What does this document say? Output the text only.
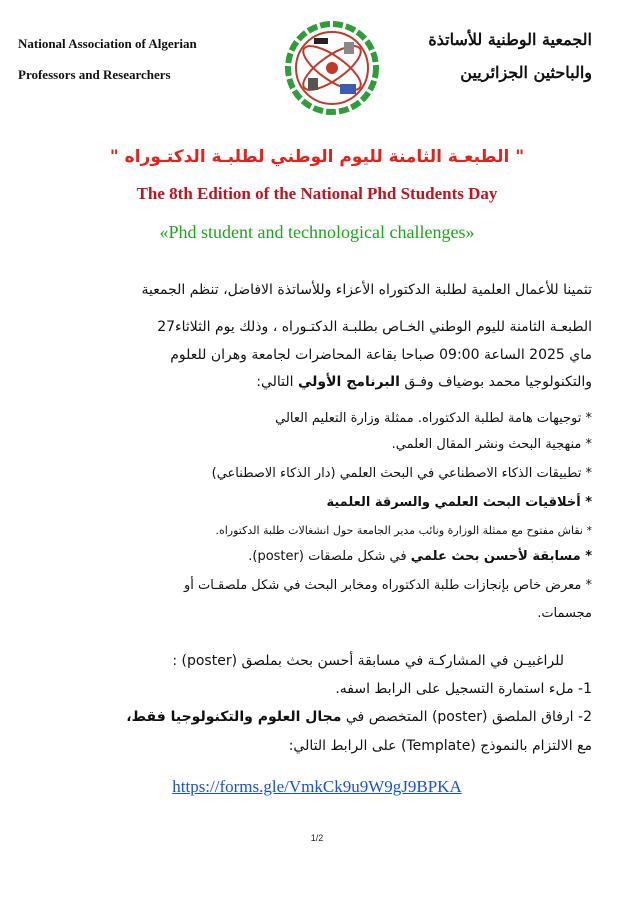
National Association of Algerian
Professors and Researchers
الجمعية الوطنية للأساتذة
والباحثين الجزائريين
" الطبعـة الثامنة لليوم الوطني لطلبـة الدكتـوراه "
The 8th Edition of the National Phd Students Day
«Phd student and technological challenges»
تثمينا للأعمال العلمية لطلبة الدكتوراه الأعزاء وللأساتذة الافاضل، تنظم الجمعية
الطبعـة الثامنة لليوم الوطني الخـاص بطلبـة الدكتـوراه ، وذلك يوم الثلاثاء27
ماي 2025 الساعة 09:00 صباحا بقاعة المحاضرات لجامعة وهران للعلوم
والتكنولوجيا محمد بوضياف وفـق البرنامج الأولي التالي:
* توجيهات هامة لطلبة الدكتوراه. ممثلة وزارة التعليم العالي
* منهجية البحث ونشر المقال العلمي.
* تطبيقات الذكاء الاصطناعي في البحث العلمي (دار الذكاء الاصطناعي)
* أخلاقيات البحث العلمي والسرقة العلمية
* نقاش مفتوح مع ممثلة الوزارة ونائب مدير الجامعة حول انشغالات طلبة الدكتوراه.
* مسابقة لأحسن بحث علمي في شكل ملصقات (poster).
* معرض خاص بإنجازات طلبة الدكتوراه ومخابر البحث في شكل ملصقـات أو
مجسمات.
للراغبيـن في المشاركـة في مسابقة أحسن بحث بملصق (poster) :
1- ملء استمارة التسجيل على الرابط اسفه.
2- ارفاق الملصق (poster) المتخصص في مجال العلوم والتكنولوجيا فقط،
مع الالتزام بالنموذج (Template) على الرابط التالي:
https://forms.gle/VmkCk9u9W9gJ9BPKA
1/2
